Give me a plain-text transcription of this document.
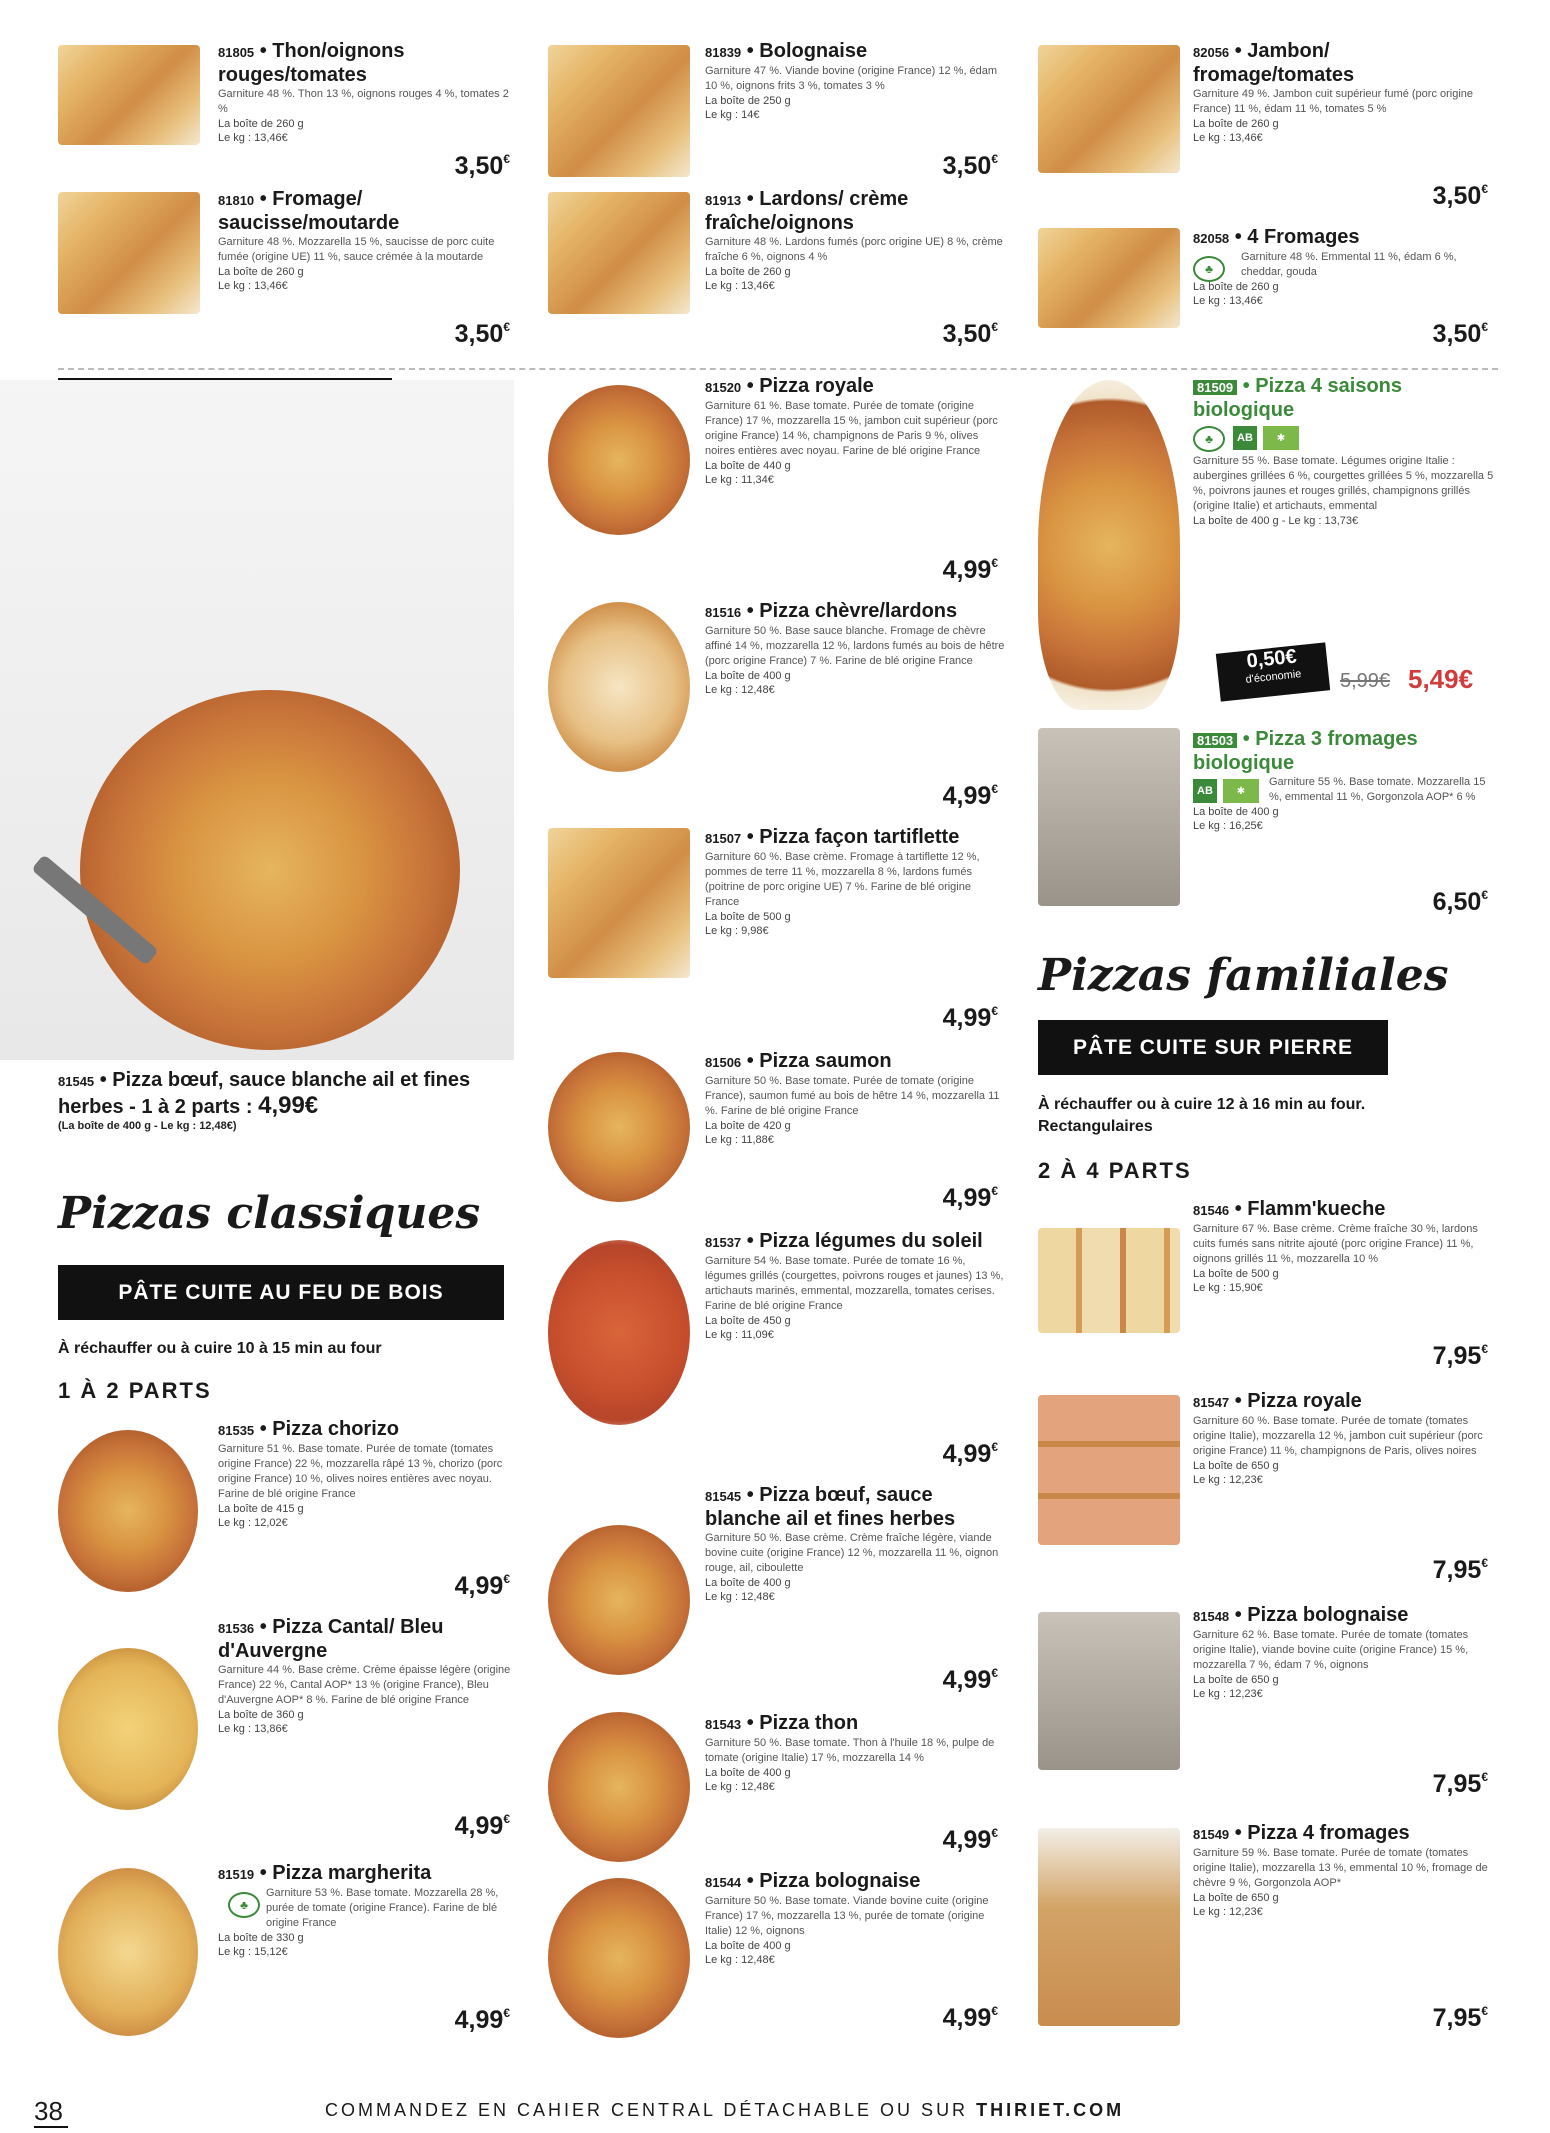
81805 • Thon/oignons rouges/tomates
Garniture 48 %. Thon 13 %, oignons rouges 4 %, tomates 2 %
La boîte de 260 g
Le kg : 13,46€
3,50€
81810 • Fromage/ saucisse/moutarde
Garniture 48 %. Mozzarella 15 %, saucisse de porc cuite fumée (origine UE) 11 %, sauce crémée à la moutarde
La boîte de 260 g
Le kg : 13,46€
3,50€
81545 • Pizza bœuf, sauce blanche ail et fines herbes - 1 à 2 parts : 4,99€
(La boîte de 400 g - Le kg : 12,48€)
Pizzas classiques
PÂTE CUITE AU FEU DE BOIS
À réchauffer ou à cuire 10 à 15 min au four
1 À 2 PARTS
81535 • Pizza chorizo
Garniture 51 %. Base tomate. Purée de tomate (tomates origine France) 22 %, mozzarella râpé 13 %, chorizo (porc origine France) 10 %, olives noires entières avec noyau. Farine de blé origine France
La boîte de 415 g
Le kg : 12,02€
4,99€
81536 • Pizza Cantal/ Bleu d'Auvergne
Garniture 44 %. Base crème. Crème épaisse légère (origine France) 22 %, Cantal AOP* 13 % (origine France), Bleu d'Auvergne AOP* 8 %. Farine de blé origine France
La boîte de 360 g
Le kg : 13,86€
4,99€
81519 • Pizza margherita
♣
Garniture 53 %. Base tomate. Mozzarella 28 %, purée de tomate (origine France). Farine de blé origine France
La boîte de 330 g
Le kg : 15,12€
4,99€
81839 • Bolognaise
Garniture 47 %. Viande bovine (origine France) 12 %, édam 10 %, oignons frits 3 %, tomates 3 %
La boîte de 250 g
Le kg : 14€
3,50€
81913 • Lardons/ crème fraîche/oignons
Garniture 48 %. Lardons fumés (porc origine UE) 8 %, crème fraîche 6 %, oignons 4 %
La boîte de 260 g
Le kg : 13,46€
3,50€
81520 • Pizza royale
Garniture 61 %. Base tomate. Purée de tomate (origine France) 17 %, mozzarella 15 %, jambon cuit supérieur (porc origine France) 14 %, champignons de Paris 9 %, olives noires entières avec noyau. Farine de blé origine France
La boîte de 440 g
Le kg : 11,34€
4,99€
81516 • Pizza chèvre/lardons
Garniture 50 %. Base sauce blanche. Fromage de chèvre affiné 14 %, mozzarella 12 %, lardons fumés au bois de hêtre (porc origine France) 7 %. Farine de blé origine France
La boîte de 400 g
Le kg : 12,48€
4,99€
81507 • Pizza façon tartiflette
Garniture 60 %. Base crème. Fromage à tartiflette 12 %, pommes de terre 11 %, mozzarella 8 %, lardons fumés (poitrine de porc origine UE) 7 %. Farine de blé origine France
La boîte de 500 g
Le kg : 9,98€
4,99€
81506 • Pizza saumon
Garniture 50 %. Base tomate. Purée de tomate (origine France), saumon fumé au bois de hêtre 14 %, mozzarella 11 %. Farine de blé origine France
La boîte de 420 g
Le kg : 11,88€
4,99€
81537 • Pizza légumes du soleil
Garniture 54 %. Base tomate. Purée de tomate 16 %, légumes grillés (courgettes, poivrons rouges et jaunes) 13 %, artichauts marinés, emmental, mozzarella, tomates cerises. Farine de blé origine France
La boîte de 450 g
Le kg : 11,09€
4,99€
81545 • Pizza bœuf, sauce blanche ail et fines herbes
Garniture 50 %. Base crème. Crème fraîche légère, viande bovine cuite (origine France) 12 %, mozzarella 11 %, oignon rouge, ail, ciboulette
La boîte de 400 g
Le kg : 12,48€
4,99€
81543 • Pizza thon
Garniture 50 %. Base tomate. Thon à l'huile 18 %, pulpe de tomate (origine Italie) 17 %, mozzarella 14 %
La boîte de 400 g
Le kg : 12,48€
4,99€
81544 • Pizza bolognaise
Garniture 50 %. Base tomate. Viande bovine cuite (origine France) 17 %, mozzarella 13 %, purée de tomate (origine Italie) 12 %, oignons
La boîte de 400 g
Le kg : 12,48€
4,99€
82056 • Jambon/ fromage/tomates
Garniture 49 %. Jambon cuit supérieur fumé (porc origine France) 11 %, édam 11 %, tomates 5 %
La boîte de 260 g
Le kg : 13,46€
3,50€
82058 • 4 Fromages
Garniture 48 %. Emmental 11 %, édam 6 %, cheddar, gouda
♣
La boîte de 260 g
Le kg : 13,46€
3,50€
81509 • Pizza 4 saisons biologique
♣	AB	✱
Garniture 55 %. Base tomate. Légumes origine Italie : aubergines grillées 6 %, courgettes grillées 5 %, mozzarella 5 %, poivrons jaunes et rouges grillés, champignons grillés (origine Italie) et artichauts, emmental
La boîte de 400 g - Le kg : 13,73€
0,50€
d'économie	5,99€ 5,49€
81503 • Pizza 3 fromages biologique
AB	✱
Garniture 55 %. Base tomate. Mozzarella 15 %, emmental 11 %, Gorgonzola AOP* 6 %
La boîte de 400 g
Le kg : 16,25€
6,50€
Pizzas familiales
PÂTE CUITE SUR PIERRE
À réchauffer ou à cuire 12 à 16 min au four.
Rectangulaires
2 À 4 PARTS
81546 • Flamm'kueche
Garniture 67 %. Base crème. Crème fraîche 30 %, lardons cuits fumés sans nitrite ajouté (porc origine France) 11 %, oignons grillés 11 %, mozzarella 10 %
La boîte de 500 g
Le kg : 15,90€
7,95€
81547 • Pizza royale
Garniture 60 %. Base tomate. Purée de tomate (tomates origine Italie), mozzarella 12 %, jambon cuit supérieur (porc origine France) 11 %, champignons de Paris, olives noires
La boîte de 650 g
Le kg : 12,23€
7,95€
81548 • Pizza bolognaise
Garniture 62 %. Base tomate. Purée de tomate (tomates origine Italie), viande bovine cuite (origine France) 15 %, mozzarella 7 %, édam 7 %, oignons
La boîte de 650 g
Le kg : 12,23€
7,95€
81549 • Pizza 4 fromages
Garniture 59 %. Base tomate. Purée de tomate (tomates origine Italie), mozzarella 13 %, emmental 10 %, fromage de chèvre 9 %, Gorgonzola AOP*
La boîte de 650 g
Le kg : 12,23€
7,95€
38	COMMANDEZ EN CAHIER CENTRAL DÉTACHABLE OU SUR THIRIET.COM
